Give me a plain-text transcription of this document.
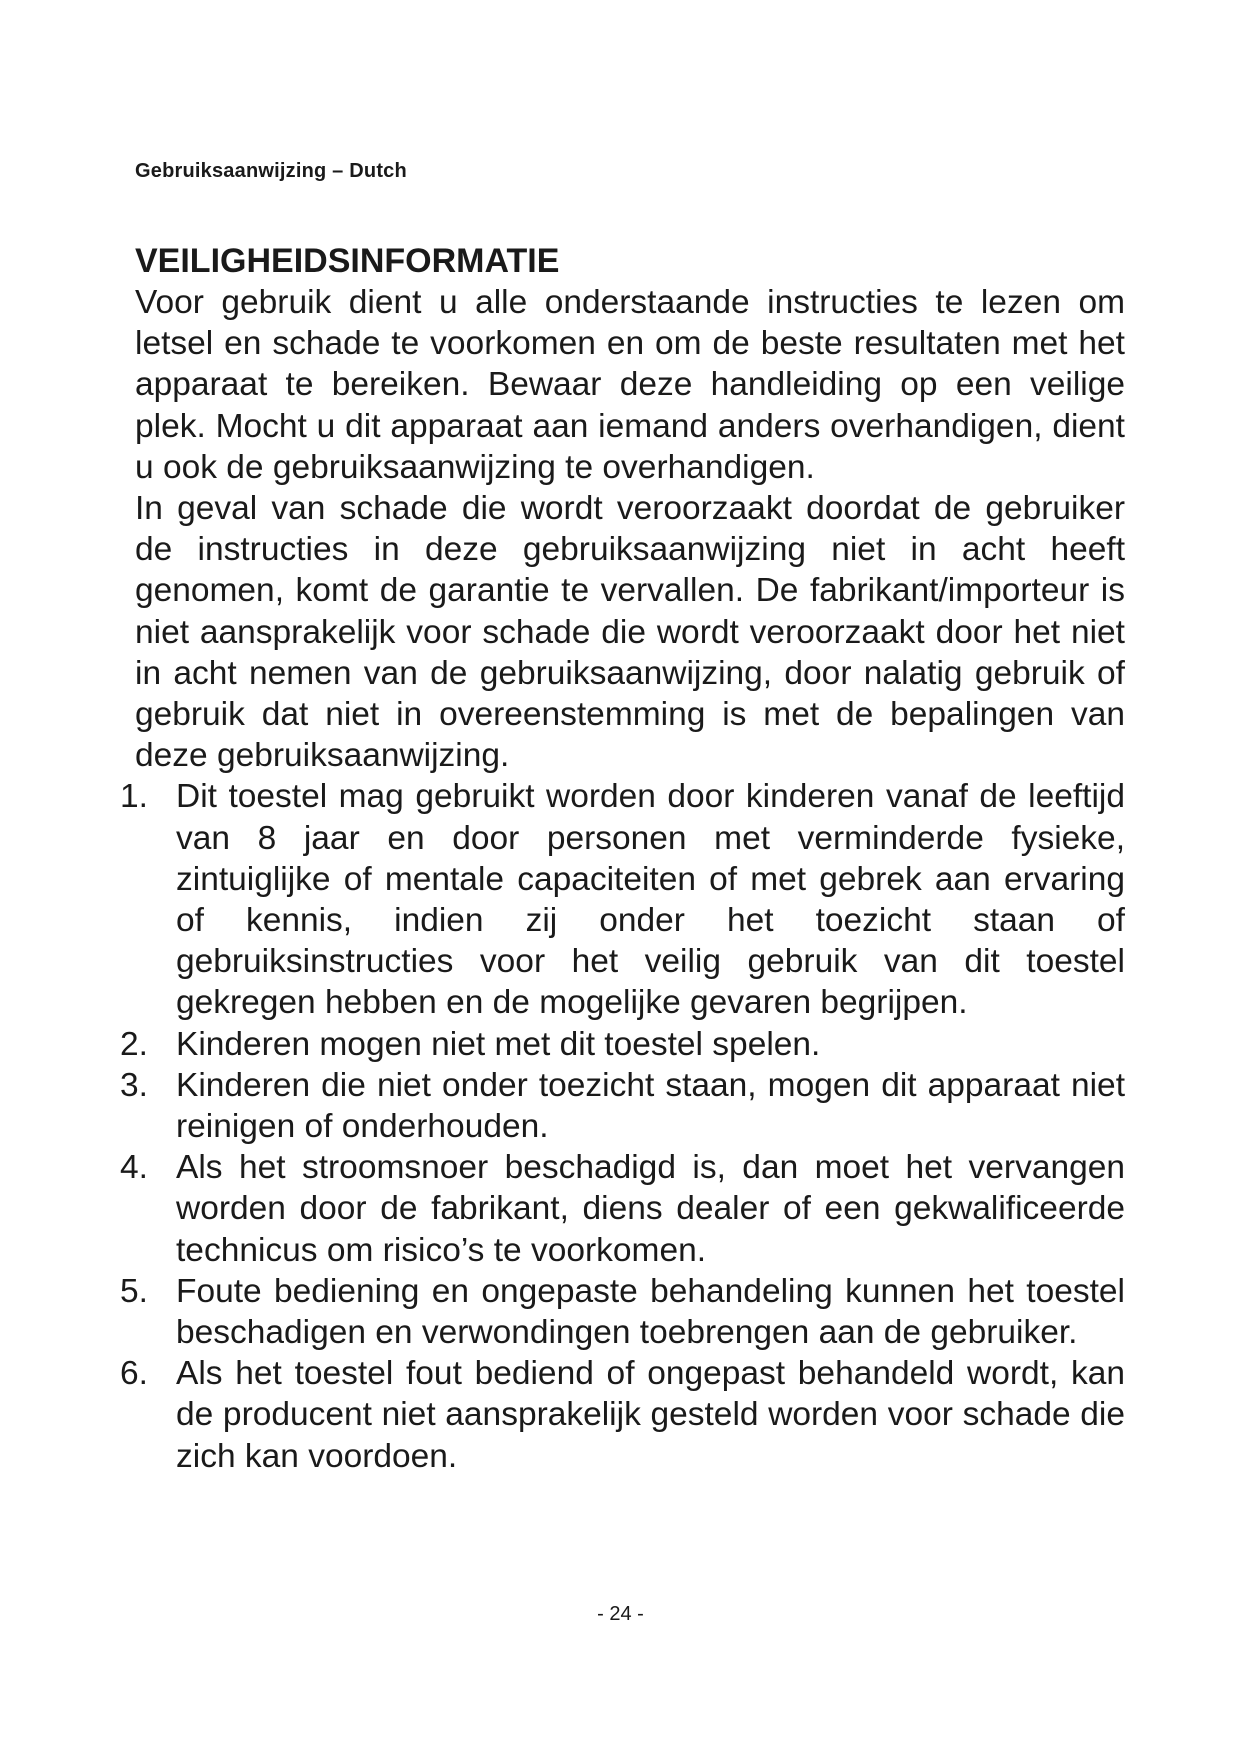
Gebruiksaanwijzing – Dutch
VEILIGHEIDSINFORMATIE

Voor gebruik dient u alle onderstaande instructies te lezen om letsel en schade te voorkomen en om de beste resultaten met het apparaat te bereiken. Bewaar deze handleiding op een veilige plek. Mocht u dit apparaat aan iemand anders overhandigen, dient u ook de gebruiksaanwijzing te overhandigen.

In geval van schade die wordt veroorzaakt doordat de gebruiker de instructies in deze gebruiksaanwijzing niet in acht heeft genomen, komt de garantie te vervallen. De fabrikant/importeur is niet aansprakelijk voor schade die wordt veroorzaakt door het niet in acht nemen van de gebruiksaanwijzing, door nalatig gebruik of gebruik dat niet in overeenstemming is met de bepalingen van deze gebruiksaanwijzing.

1. Dit toestel mag gebruikt worden door kinderen vanaf de leeftijd van 8 jaar en door personen met verminderde fysieke, zintuiglijke of mentale capaciteiten of met gebrek aan ervaring of kennis, indien zij onder het toezicht staan of gebruiksinstructies voor het veilig gebruik van dit toestel gekregen hebben en de mogelijke gevaren begrijpen.
2. Kinderen mogen niet met dit toestel spelen.
3. Kinderen die niet onder toezicht staan, mogen dit apparaat niet reinigen of onderhouden.
4. Als het stroomsnoer beschadigd is, dan moet het vervangen worden door de fabrikant, diens dealer of een gekwalificeerde technicus om risico’s te voorkomen.
5. Foute bediening en ongepaste behandeling kunnen het toestel beschadigen en verwondingen toebrengen aan de gebruiker.
6. Als het toestel fout bediend of ongepast behandeld wordt, kan de producent niet aansprakelijk gesteld worden voor schade die zich kan voordoen.
- 24 -
